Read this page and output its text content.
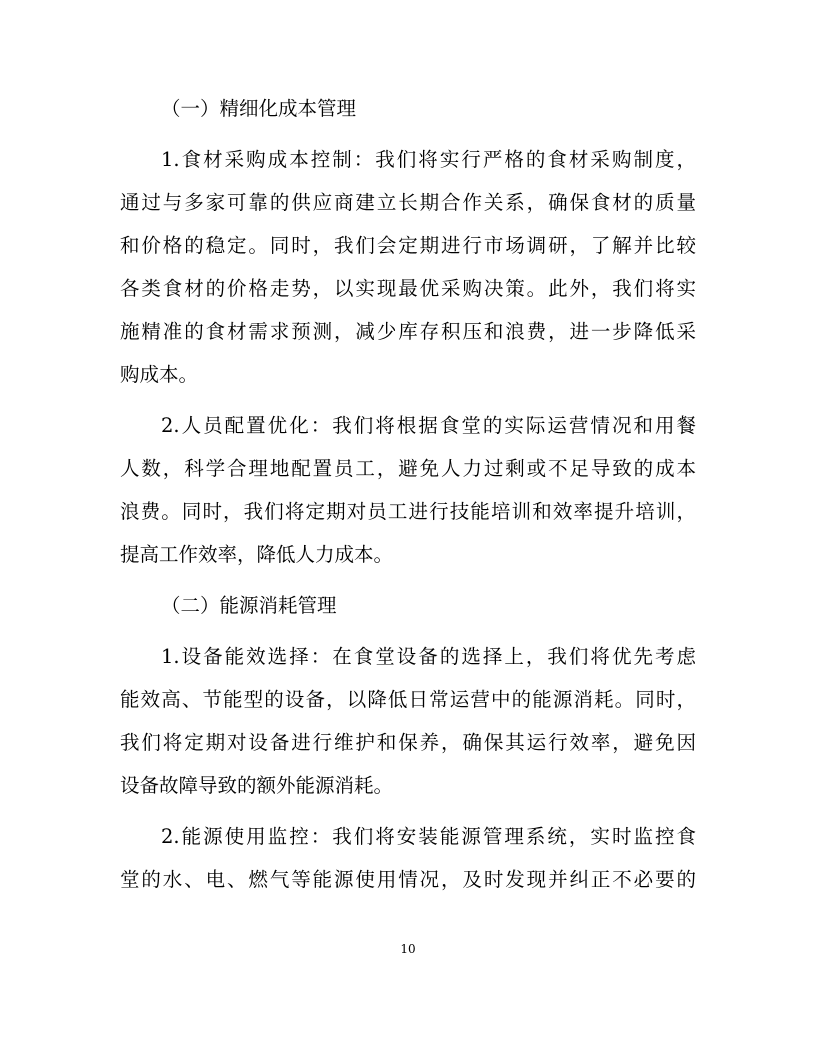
（一）精细化成本管理
1.食材采购成本控制：我们将实行严格的食材采购制度，
通过与多家可靠的供应商建立长期合作关系，确保食材的质量
和价格的稳定。同时，我们会定期进行市场调研，了解并比较
各类食材的价格走势，以实现最优采购决策。此外，我们将实
施精准的食材需求预测，减少库存积压和浪费，进一步降低采
购成本。
2.人员配置优化：我们将根据食堂的实际运营情况和用餐
人数，科学合理地配置员工，避免人力过剩或不足导致的成本
浪费。同时，我们将定期对员工进行技能培训和效率提升培训，
提高工作效率，降低人力成本。
（二）能源消耗管理
1.设备能效选择：在食堂设备的选择上，我们将优先考虑
能效高、节能型的设备，以降低日常运营中的能源消耗。同时，
我们将定期对设备进行维护和保养，确保其运行效率，避免因
设备故障导致的额外能源消耗。
2.能源使用监控：我们将安装能源管理系统，实时监控食
堂的水、电、燃气等能源使用情况，及时发现并纠正不必要的
10
